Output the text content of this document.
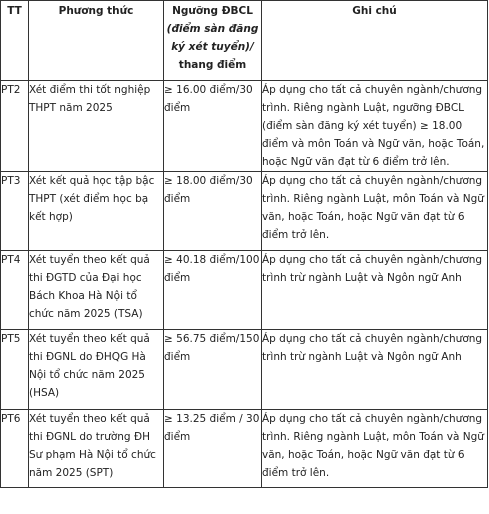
TT	Phương thức	Ngưỡng ĐBCL
(điểm sàn đăng
ký xét tuyển)/
thang điểm	Ghi chú
PT2	Xét điểm thi tốt nghiệp THPT năm 2025	≥ 16.00 điểm/30 điểm	Áp dụng cho tất cả chuyên ngành/chương trình. Riêng ngành Luật, ngưỡng ĐBCL (điểm sàn đăng ký xét tuyển) ≥ 18.00 điểm và môn Toán và Ngữ văn, hoặc Toán, hoặc Ngữ văn đạt từ 6 điểm trở lên.
PT3	Xét kết quả học tập bậc THPT (xét điểm học bạ kết hợp)	≥ 18.00 điểm/30 điểm	Áp dụng cho tất cả chuyên ngành/chương trình. Riêng ngành Luật, môn Toán và Ngữ văn, hoặc Toán, hoặc Ngữ văn đạt từ 6 điểm trở lên.
PT4	Xét tuyển theo kết quả thi ĐGTD của Đại học Bách Khoa Hà Nội tổ chức năm 2025 (TSA)	≥ 40.18 điểm/100 điểm	Áp dụng cho tất cả chuyên ngành/chương trình trừ ngành Luật và Ngôn ngữ Anh
PT5	Xét tuyển theo kết quả thi ĐGNL do ĐHQG Hà Nội tổ chức năm 2025 (HSA)	≥ 56.75 điểm/150 điểm	Áp dụng cho tất cả chuyên ngành/chương trình trừ ngành Luật và Ngôn ngữ Anh
PT6	Xét tuyển theo kết quả thi ĐGNL do trường ĐH Sư phạm Hà Nội tổ chức năm 2025 (SPT)	≥ 13.25 điểm / 30 điểm	Áp dụng cho tất cả chuyên ngành/chương trình. Riêng ngành Luật, môn Toán và Ngữ văn, hoặc Toán, hoặc Ngữ văn đạt từ 6 điểm trở lên.
